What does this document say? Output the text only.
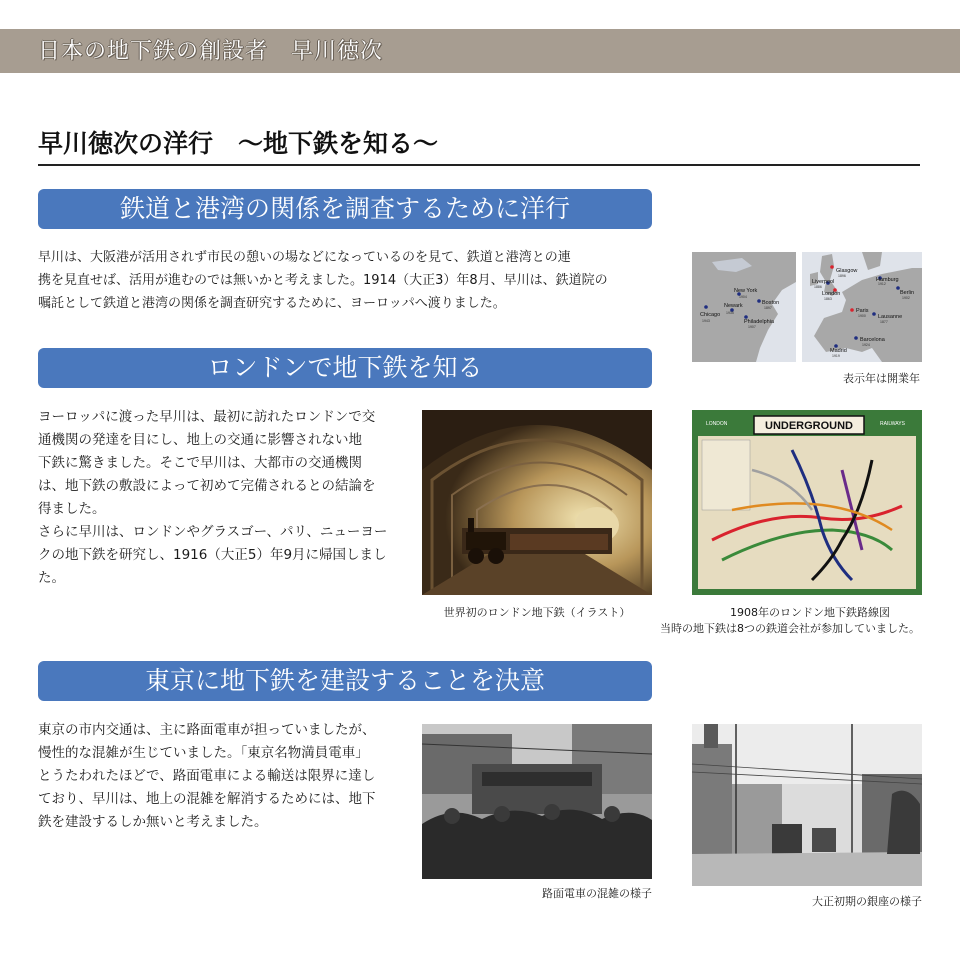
日本の地下鉄の創設者　早川徳次
早川徳次の洋行　〜地下鉄を知る〜
鉄道と港湾の関係を調査するために洋行
早川は、大阪港が活用されず市民の憩いの場などになっているのを見て、鉄道と港湾との連
携を見直せば、活用が進むのでは無いかと考えました。1914（大正3）年8月、早川は、鉄道院の
嘱託として鉄道と港湾の関係を調査研究するために、ヨーロッパへ渡りました。
Chicago
1943
New York
1904
Newark
1935
Boston
1897
Philadelphia
1907
Glasgow
1896
Hamburg
1912
Liverpool
1886
Berlin
1902
London
1863
Paris
1900 Lausanne
1877
Barcelona
1924
Madrid
1919
表示年は開業年
ロンドンで地下鉄を知る
ヨーロッパに渡った早川は、最初に訪れたロンドンで交
通機関の発達を目にし、地上の交通に影響されない地
下鉄に驚きました。そこで早川は、大都市の交通機関
は、地下鉄の敷設によって初めて完備されるとの結論を
得ました。
さらに早川は、ロンドンやグラスゴー、パリ、ニューヨー
クの地下鉄を研究し、1916（大正5）年9月に帰国しまし
た。
世界初のロンドン地下鉄（イラスト）
LONDON	UNDERGROUND	RAILWAYS
1908年のロンドン地下鉄路線図
当時の地下鉄は8つの鉄道会社が参加していました。
東京に地下鉄を建設することを決意
東京の市内交通は、主に路面電車が担っていましたが、
慢性的な混雑が生じていました。「東京名物満員電車」
とうたわれたほどで、路面電車による輸送は限界に達し
ており、早川は、地上の混雑を解消するためには、地下
鉄を建設するしか無いと考えました。
路面電車の混雑の様子
大正初期の銀座の様子
